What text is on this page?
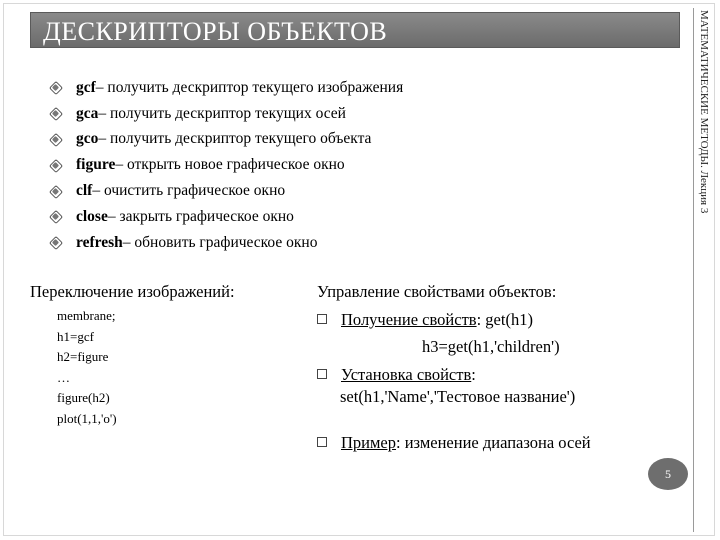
ДЕСКРИПТОРЫ ОБЪЕКТОВ	МАТЕМАТИЧЕСКИЕ МЕТОДЫ. Лекция 3
gcf – получить дескриптор текущего изображения
gca – получить дескриптор текущих осей
gco – получить дескриптор текущего объекта
figure – открыть новое графическое окно
clf – очистить графическое окно
close – закрыть графическое окно
refresh – обновить графическое окно
Переключение изображений:
membrane;
h1=gcf
h2=figure
…
figure(h2)
plot(1,1,'o')
Управление свойствами объектов:
Получение свойств: get(h1)
h3=get(h1,'children')
Установка свойств:
set(h1,'Name','Тестовое название')
Пример: изменение диапазона осей
5
